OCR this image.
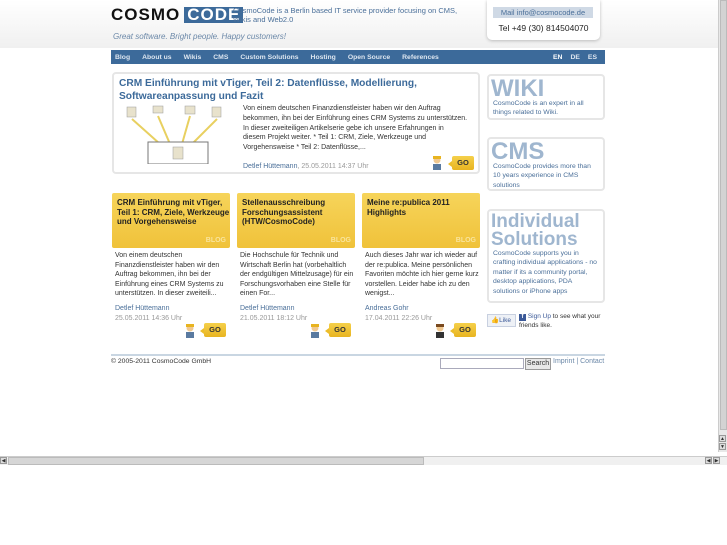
COSMO CODE
CosmoCode is a Berlin based IT service provider focusing on CMS, Wikis and Web2.0
Great software. Bright people. Happy customers!
Mail info@cosmocode.de
Tel +49 (30) 814504070
Blog About us Wikis CMS Custom Solutions Hosting Open Source References	EN DE ES
CRM Einführung mit vTiger, Teil 2: Datenflüsse, Modellierung, Softwareanpassung und Fazit
Von einem deutschen Finanzdienstleister haben wir den Auftrag bekommen, ihn bei der Einführung eines CRM Systems zu unterstützen. In dieser zweiteiligen Artikelserie gebe ich unsere Erfahrungen in diesem Projekt weiter. * Teil 1: CRM, Ziele, Werkzeuge und Vorgehensweise * Teil 2: Datenflüsse,...
Detlef Hüttemann, 25.05.2011 14:37 Uhr	GO
CRM Einführung mit vTiger, Teil 1: CRM, Ziele, Werkzeuge und Vorgehensweise
BLOG
Von einem deutschen Finanzdienstleister haben wir den Auftrag bekommen, ihn bei der Einführung eines CRM Systems zu unterstützen. In dieser zweiteili...
Detlef Hüttemann
25.05.2011 14:36 Uhr
GO
Stellenausschreibung Forschungsassistent (HTW/CosmoCode)
BLOG
Die Hochschule für Technik und Wirtschaft Berlin hat (vorbehaltlich der endgültigen Mittelzusage) für ein Forschungsvorhaben eine Stelle für einen For...
Detlef Hüttemann
21.05.2011 18:12 Uhr
GO
Meine re:publica 2011 Highlights
BLOG
Auch dieses Jahr war ich wieder auf der re:publica. Meine persönlichen Favoriten möchte ich hier gerne kurz vorstellen. Leider habe ich zu den wenigst...
Andreas Gohr
17.04.2011 22:26 Uhr
GO
WIKI

CosmoCode is an expert in all things related to Wiki.

CMS

CosmoCode provides more than 10 years experience in CMS solutions

Individual Solutions

CosmoCode supports you in crafting individual applications - no matter if its a community portal, desktop applications, PDA solutions or iPhone apps

👍Like	f Sign Up to see what your friends like.
© 2005-2011 CosmoCode GmbH	Search Imprint | Contact
▲
▼
◀	◀ ▶
